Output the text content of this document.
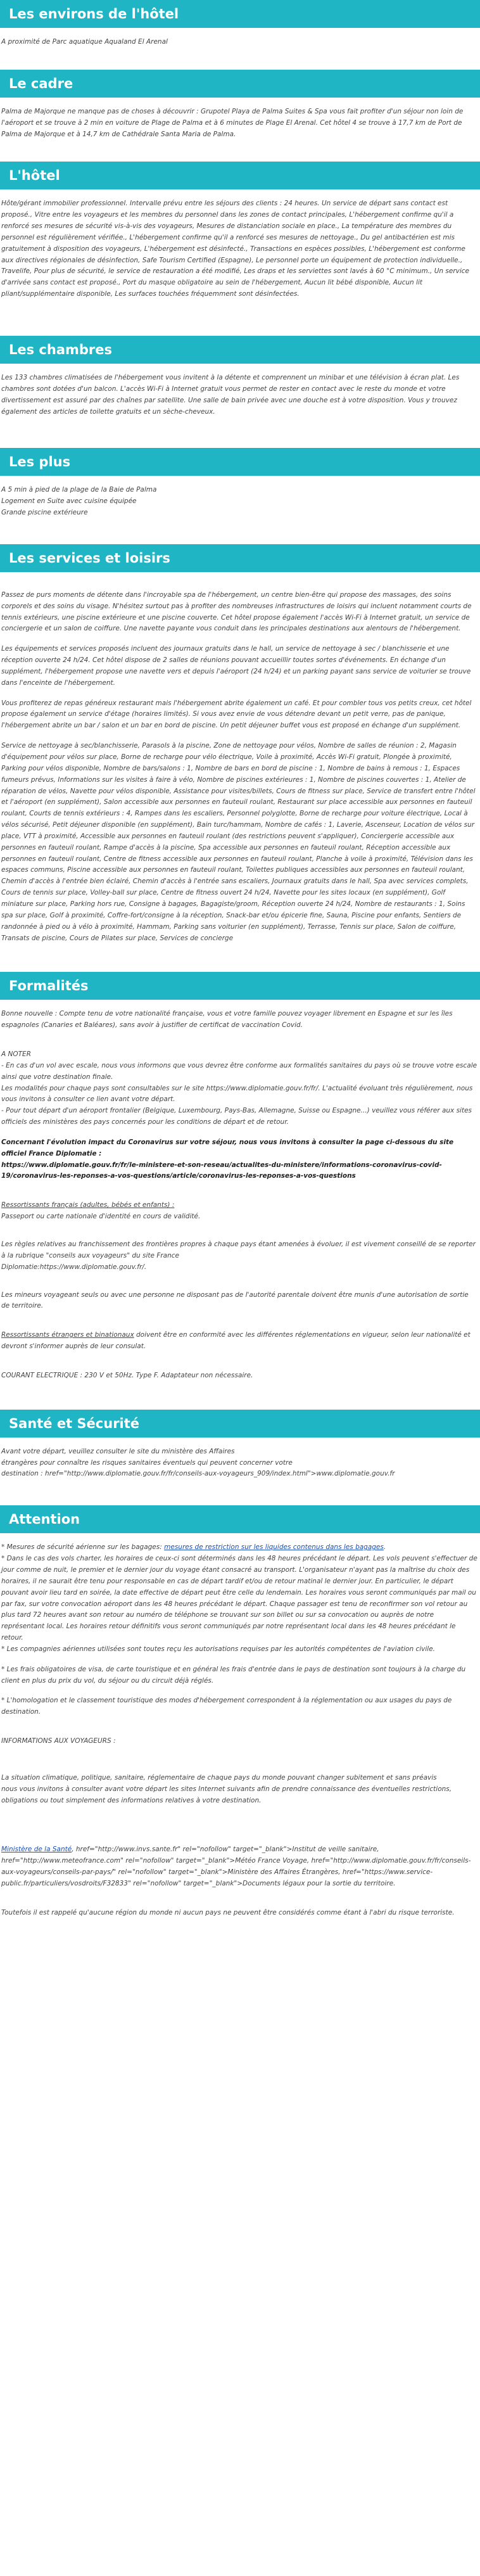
Les environs de l'hôtel

A proximité de Parc aquatique Aqualand El Arenal

Le cadre

Palma de Majorque ne manque pas de choses à découvrir : Grupotel Playa de Palma Suites & Spa vous fait profiter d'un séjour non loin de l'aéroport et se trouve à 2 min en voiture de Plage de Palma et à 6 minutes de Plage El Arenal. Cet hôtel 4 se trouve à 17,7 km de Port de Palma de Majorque et à 14,7 km de Cathédrale Santa Maria de Palma.

L'hôtel

Hôte/gérant immobilier professionnel. Intervalle prévu entre les séjours des clients : 24 heures. Un service de départ sans contact est proposé., Vitre entre les voyageurs et les membres du personnel dans les zones de contact principales, L'hébergement confirme qu'il a renforcé ses mesures de sécurité vis-à-vis des voyageurs, Mesures de distanciation sociale en place., La température des membres du personnel est régulièrement vérifiée., L'hébergement confirme qu'il a renforcé ses mesures de nettoyage., Du gel antibactérien est mis gratuitement à disposition des voyageurs, L'hébergement est désinfecté., Transactions en espèces possibles, L'hébergement est conforme aux directives régionales de désinfection, Safe Tourism Certified (Espagne), Le personnel porte un équipement de protection individuelle., Travelife, Pour plus de sécurité, le service de restauration a été modifié, Les draps et les serviettes sont lavés à 60 °C minimum., Un service d'arrivée sans contact est proposé., Port du masque obligatoire au sein de l'hébergement, Aucun lit bébé disponible, Aucun lit pliant/supplémentaire disponible, Les surfaces touchées fréquemment sont désinfectées.

Les chambres

Les 133 chambres climatisées de l'hébergement vous invitent à la détente et comprennent un minibar et une télévision à écran plat. Les chambres sont dotées d'un balcon. L'accès Wi-Fi à Internet gratuit vous permet de rester en contact avec le reste du monde et votre divertissement est assuré par des chaînes par satellite. Une salle de bain privée avec une douche est à votre disposition. Vous y trouvez également des articles de toilette gratuits et un sèche-cheveux.

Les plus

A 5 min à pied de la plage de la Baie de Palma

Logement en Suite avec cuisine équipée

Grande piscine extérieure

Les services et loisirs

Passez de purs moments de détente dans l'incroyable spa de l'hébergement, un centre bien-être qui propose des massages, des soins corporels et des soins du visage. N'hésitez surtout pas à profiter des nombreuses infrastructures de loisirs qui incluent notamment courts de tennis extérieurs, une piscine extérieure et une piscine couverte. Cet hôtel propose également l'accès Wi-Fi à Internet gratuit, un service de conciergerie et un salon de coiffure. Une navette payante vous conduit dans les principales destinations aux alentours de l'hébergement.

Les équipements et services proposés incluent des journaux gratuits dans le hall, un service de nettoyage à sec / blanchisserie et une réception ouverte 24 h/24. Cet hôtel dispose de 2 salles de réunions pouvant accueillir toutes sortes d'événements. En échange d'un supplément, l'hébergement propose une navette vers et depuis l'aéroport (24 h/24) et un parking payant sans service de voiturier se trouve dans l'enceinte de l'hébergement.

Vous profiterez de repas généreux restaurant mais l'hébergement abrite également un café. Et pour combler tous vos petits creux, cet hôtel propose également un service d'étage (horaires limités). Si vous avez envie de vous détendre devant un petit verre, pas de panique, l'hébergement abrite un bar / salon et un bar en bord de piscine. Un petit déjeuner buffet vous est proposé en échange d'un supplément.

Service de nettoyage à sec/blanchisserie, Parasols à la piscine, Zone de nettoyage pour vélos, Nombre de salles de réunion : 2, Magasin d'équipement pour vélos sur place, Borne de recharge pour vélo électrique, Voile à proximité, Accès Wi-Fi gratuit, Plongée à proximité, Parking pour vélos disponible, Nombre de bars/salons : 1, Nombre de bars en bord de piscine : 1, Nombre de bains à remous : 1, Espaces fumeurs prévus, Informations sur les visites à faire à vélo, Nombre de piscines extérieures : 1, Nombre de piscines couvertes : 1, Atelier de réparation de vélos, Navette pour vélos disponible, Assistance pour visites/billets, Cours de fitness sur place, Service de transfert entre l'hôtel et l'aéroport (en supplément), Salon accessible aux personnes en fauteuil roulant, Restaurant sur place accessible aux personnes en fauteuil roulant, Courts de tennis extérieurs : 4, Rampes dans les escaliers, Personnel polyglotte, Borne de recharge pour voiture électrique, Local à vélos sécurisé, Petit déjeuner disponible (en supplément), Bain turc/hammam, Nombre de cafés : 1, Laverie, Ascenseur, Location de vélos sur place, VTT à proximité, Accessible aux personnes en fauteuil roulant (des restrictions peuvent s'appliquer), Conciergerie accessible aux personnes en fauteuil roulant, Rampe d'accès à la piscine, Spa accessible aux personnes en fauteuil roulant, Réception accessible aux personnes en fauteuil roulant, Centre de fitness accessible aux personnes en fauteuil roulant, Planche à voile à proximité, Télévision dans les espaces communs, Piscine accessible aux personnes en fauteuil roulant, Toilettes publiques accessibles aux personnes en fauteuil roulant, Chemin d'accès à l'entrée bien éclairé, Chemin d'accès à l'entrée sans escaliers, Journaux gratuits dans le hall, Spa avec services complets, Cours de tennis sur place, Volley-ball sur place, Centre de fitness ouvert 24 h/24, Navette pour les sites locaux (en supplément), Golf miniature sur place, Parking hors rue, Consigne à bagages, Bagagiste/groom, Réception ouverte 24 h/24, Nombre de restaurants : 1, Soins spa sur place, Golf à proximité, Coffre-fort/consigne à la réception, Snack-bar et/ou épicerie fine, Sauna, Piscine pour enfants, Sentiers de randonnée à pied ou à vélo à proximité, Hammam, Parking sans voiturier (en supplément), Terrasse, Tennis sur place, Salon de coiffure, Transats de piscine, Cours de Pilates sur place, Services de concierge

Formalités

Bonne nouvelle : Compte tenu de votre nationalité française, vous et votre famille pouvez voyager librement en Espagne et sur les îles espagnoles (Canaries et Baléares), sans avoir à justifier de certificat de vaccination Covid.

A NOTER

- En cas d'un vol avec escale, nous vous informons que vous devrez être conforme aux formalités sanitaires du pays où se trouve votre escale ainsi que votre destination finale.

Les modalités pour chaque pays sont consultables sur le site https://www.diplomatie.gouv.fr/fr/. L'actualité évoluant très régulièrement, nous vous invitons à consulter ce lien avant votre départ.

- Pour tout départ d'un aéroport frontalier (Belgique, Luxembourg, Pays-Bas, Allemagne, Suisse ou Espagne...) veuillez vous référer aux sites officiels des ministères des pays concernés pour les conditions de départ et de retour.

Concernant l'évolution impact du Coronavirus sur votre séjour, nous vous invitons à consulter la page ci-dessous du site officiel France Diplomatie :
https://www.diplomatie.gouv.fr/fr/le-ministere-et-son-reseau/actualites-du-ministere/informations-coronavirus-covid-19/coronavirus-les-reponses-a-vos-questions/article/coronavirus-les-reponses-a-vos-questions

Ressortissants français (adultes, bébés et enfants) :

Passeport ou carte nationale d'identité en cours de validité.

Les règles relatives au franchissement des frontières propres à chaque pays étant amenées à évoluer, il est vivement conseillé de se reporter à la rubrique "conseils aux voyageurs" du site France

Diplomatie:https://www.diplomatie.gouv.fr/.

Les mineurs voyageant seuls ou avec une personne ne disposant pas de l'autorité parentale doivent être munis d'une autorisation de sortie de territoire.

Ressortissants étrangers et binationaux doivent être en conformité avec les différentes réglementations en vigueur, selon leur nationalité et devront s'informer auprès de leur consulat.

COURANT ELECTRIQUE : 230 V et 50Hz. Type F. Adaptateur non nécessaire.

Santé et Sécurité

Avant votre départ, veuillez consulter le site du ministère des Affaires

étrangères pour connaître les risques sanitaires éventuels qui peuvent concerner votre

destination : href="http://www.diplomatie.gouv.fr/fr/conseils-aux-voyageurs_909/index.html">www.diplomatie.gouv.fr

Attention

* Mesures de sécurité aérienne sur les bagages: mesures de restriction sur les liquides contenus dans les bagages.

* Dans le cas des vols charter, les horaires de ceux-ci sont déterminés dans les 48 heures précédant le départ. Les vols peuvent s'effectuer de jour comme de nuit, le premier et le dernier jour du voyage étant consacré au transport. L'organisateur n'ayant pas la maîtrise du choix des horaires, il ne saurait être tenu pour responsable en cas de départ tardif et/ou de retour matinal le dernier jour. En particulier, le départ pouvant avoir lieu tard en soirée, la date effective de départ peut être celle du lendemain. Les horaires vous seront communiqués par mail ou par fax, sur votre convocation aéroport dans les 48 heures précédant le départ. Chaque passager est tenu de reconfirmer son vol retour au plus tard 72 heures avant son retour au numéro de téléphone se trouvant sur son billet ou sur sa convocation ou auprès de notre représentant local. Les horaires retour définitifs vous seront communiqués par notre représentant local dans les 48 heures précédant le retour.

* Les compagnies aériennes utilisées sont toutes reçu les autorisations requises par les autorités compétentes de l'aviation civile.

* Les frais obligatoires de visa, de carte touristique et en général les frais d'entrée dans le pays de destination sont toujours à la charge du client en plus du prix du vol, du séjour ou du circuit déjà réglés.

* L'homologation et le classement touristique des modes d'hébergement correspondent à la réglementation ou aux usages du pays de destination.

INFORMATIONS AUX VOYAGEURS :

La situation climatique, politique, sanitaire, réglementaire de chaque pays du monde pouvant changer subitement et sans préavis

nous vous invitons à consulter avant votre départ les sites Internet suivants afin de prendre connaissance des éventuelles restrictions, obligations ou tout simplement des informations relatives à votre destination.

Ministère de la Santé, href="http://www.invs.sante.fr" rel="nofollow" target="_blank">Institut de veille sanitaire, href="http://www.meteofrance.com" rel="nofollow" target="_blank">Météo France Voyage, href="http://www.diplomatie.gouv.fr/fr/conseils-aux-voyageurs/conseils-par-pays/" rel="nofollow" target="_blank">Ministère des Affaires Étrangères, href="https://www.service-public.fr/particuliers/vosdroits/F32833" rel="nofollow" target="_blank">Documents légaux pour la sortie du territoire.

Toutefois il est rappelé qu'aucune région du monde ni aucun pays ne peuvent être considérés comme étant à l'abri du risque terroriste.
